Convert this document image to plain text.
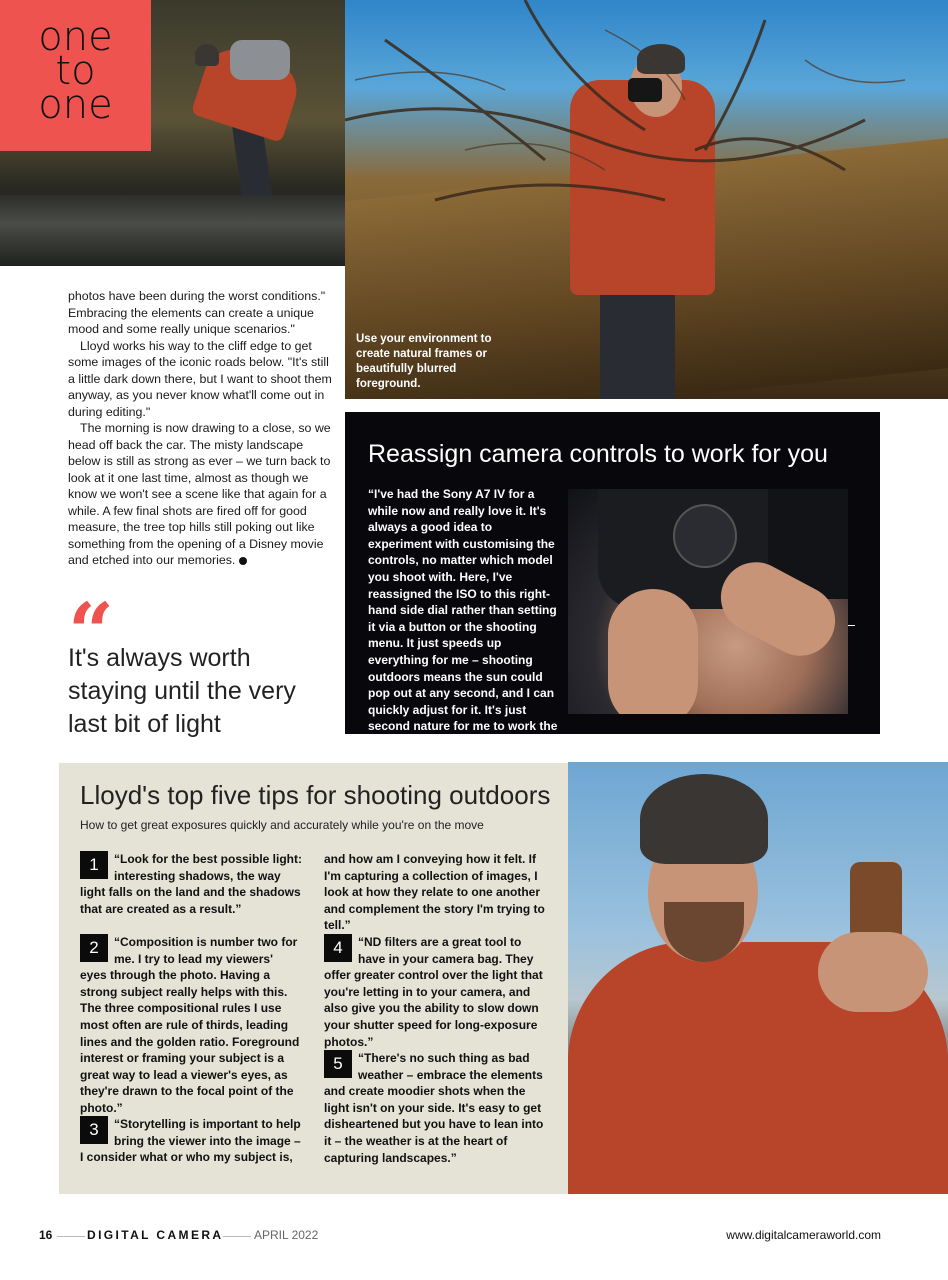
one
to
one
Use your environment to create natural frames or beautifully blurred foreground.

photos have been during the worst conditions." Embracing the elements can create a unique mood and some really unique scenarios."

Lloyd works his way to the cliff edge to get some images of the iconic roads below. "It's still a little dark down there, but I want to shoot them anyway, as you never know what'll come out in during editing."

The morning is now drawing to a close, so we head off back the car. The misty landscape below is still as strong as ever – we turn back to look at it one last time, almost as though we know we won't see a scene like that again for a while. A few final shots are fired off for good measure, the tree top hills still poking out like something from the opening of a Disney movie and etched into our memories.

“
It's always worth staying until the very last bit of light
Reassign camera controls to work for you
“I've had the Sony A7 IV for a while now and really love it. It's always a good idea to experiment with customising the controls, no matter which model you shoot with. Here, I've reassigned the ISO to this right-hand side dial rather than setting it via a button or the shooting menu. It just speeds up everything for me – shooting outdoors means the sun could pop out at any second, and I can quickly adjust for it. It's just second nature for me to work the camera this way now.”
Lloyd's top five tips for shooting outdoors
How to get great exposures quickly and accurately while you're on the move
1	“Look for the best possible light: interesting shadows, the way light falls on the land and the shadows that are created as a result.”
2	“Composition is number two for me. I try to lead my viewers' eyes through the photo. Having a strong subject really helps with this. The three compositional rules I use most often are rule of thirds, leading lines and the golden ratio. Foreground interest or framing your subject is a great way to lead a viewer's eyes, as they're drawn to the focal point of the photo.”
3	“Storytelling is important to help bring the viewer into the image – I consider what or who my subject is,
and how am I conveying how it felt. If I'm capturing a collection of images, I look at how they relate to one another and complement the story I'm trying to tell.”
4	“ND filters are a great tool to have in your camera bag. They offer greater control over the light that you're letting in to your camera, and also give you the ability to slow down your shutter speed for long-exposure photos.”
5	“There's no such thing as bad weather – embrace the elements and create moodier shots when the light isn't on your side. It's easy to get disheartened but you have to lean into it – the weather is at the heart of capturing landscapes.”
16	DIGITAL CAMERA	APRIL 2022	www.digitalcameraworld.com
